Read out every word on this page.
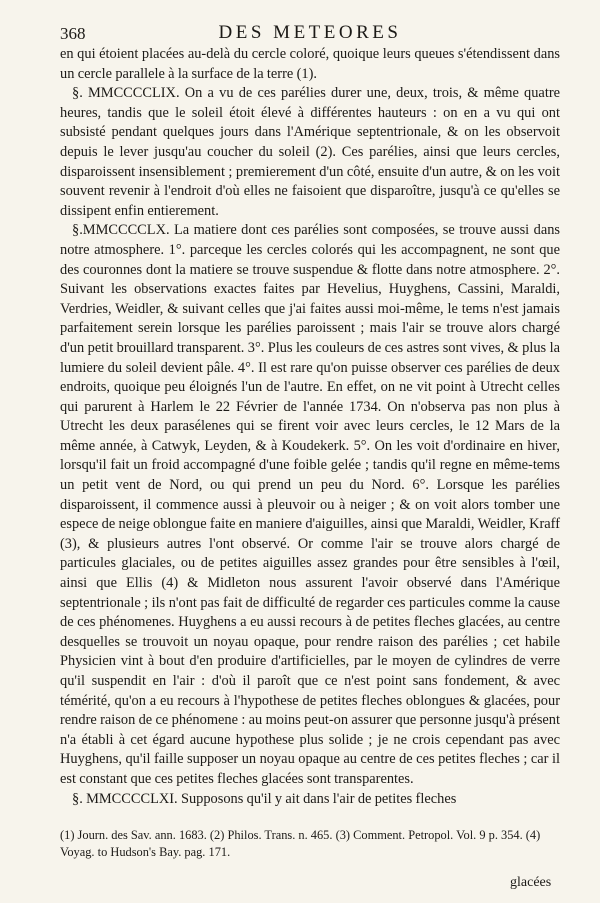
368	DES METEORES

en qui étoient placées au-delà du cercle coloré, quoique leurs queues s'étendissent dans un cercle parallele à la surface de la terre (1).

§. MMCCCCLIX. On a vu de ces parélies durer une, deux, trois, & même quatre heures, tandis que le soleil étoit élevé à différentes hauteurs : on en a vu qui ont subsisté pendant quelques jours dans l'Amérique septentrionale, & on les observoit depuis le lever jusqu'au coucher du soleil (2). Ces parélies, ainsi que leurs cercles, disparoissent insensiblement ; premierement d'un côté, ensuite d'un autre, & on les voit souvent revenir à l'endroit d'où elles ne faisoient que disparoître, jusqu'à ce qu'elles se dissipent enfin entierement.

§.MMCCCCLX. La matiere dont ces parélies sont composées, se trouve aussi dans notre atmosphere. 1°. parceque les cercles colorés qui les accompagnent, ne sont que des couronnes dont la matiere se trouve suspendue & flotte dans notre atmosphere. 2°. Suivant les observations exactes faites par Hevelius, Huyghens, Cassini, Maraldi, Verdries, Weidler, & suivant celles que j'ai faites aussi moi-même, le tems n'est jamais parfaitement serein lorsque les parélies paroissent ; mais l'air se trouve alors chargé d'un petit brouillard transparent. 3°. Plus les couleurs de ces astres sont vives, & plus la lumiere du soleil devient pâle. 4°. Il est rare qu'on puisse observer ces parélies de deux endroits, quoique peu éloignés l'un de l'autre. En effet, on ne vit point à Utrecht celles qui parurent à Harlem le 22 Février de l'année 1734. On n'observa pas non plus à Utrecht les deux parasélenes qui se firent voir avec leurs cercles, le 12 Mars de la même année, à Catwyk, Leyden, & à Koudekerk. 5°. On les voit d'ordinaire en hiver, lorsqu'il fait un froid accompagné d'une foible gelée ; tandis qu'il regne en même-tems un petit vent de Nord, ou qui prend un peu du Nord. 6°. Lorsque les parélies disparoissent, il commence aussi à pleuvoir ou à neiger ; & on voit alors tomber une espece de neige oblongue faite en maniere d'aiguilles, ainsi que Maraldi, Weidler, Kraff (3), & plusieurs autres l'ont observé. Or comme l'air se trouve alors chargé de particules glaciales, ou de petites aiguilles assez grandes pour être sensibles à l'œil, ainsi que Ellis (4) & Midleton nous assurent l'avoir observé dans l'Amérique septentrionale ; ils n'ont pas fait de difficulté de regarder ces particules comme la cause de ces phénomenes. Huyghens a eu aussi recours à de petites fleches glacées, au centre desquelles se trouvoit un noyau opaque, pour rendre raison des parélies ; cet habile Physicien vint à bout d'en produire d'artificielles, par le moyen de cylindres de verre qu'il suspendit en l'air : d'où il paroît que ce n'est point sans fondement, & avec témérité, qu'on a eu recours à l'hypothese de petites fleches oblongues & glacées, pour rendre raison de ce phénomene : au moins peut-on assurer que personne jusqu'à présent n'a établi à cet égard aucune hypothese plus solide ; je ne crois cependant pas avec Huyghens, qu'il faille supposer un noyau opaque au centre de ces petites fleches ; car il est constant que ces petites fleches glacées sont transparentes.

§. MMCCCCLXI. Supposons qu'il y ait dans l'air de petites fleches

(1) Journ. des Sav. ann. 1683. (2) Philos. Trans. n. 465. (3) Comment. Petropol. Vol. 9 p. 354. (4) Voyag. to Hudson's Bay. pag. 171.

glacées
